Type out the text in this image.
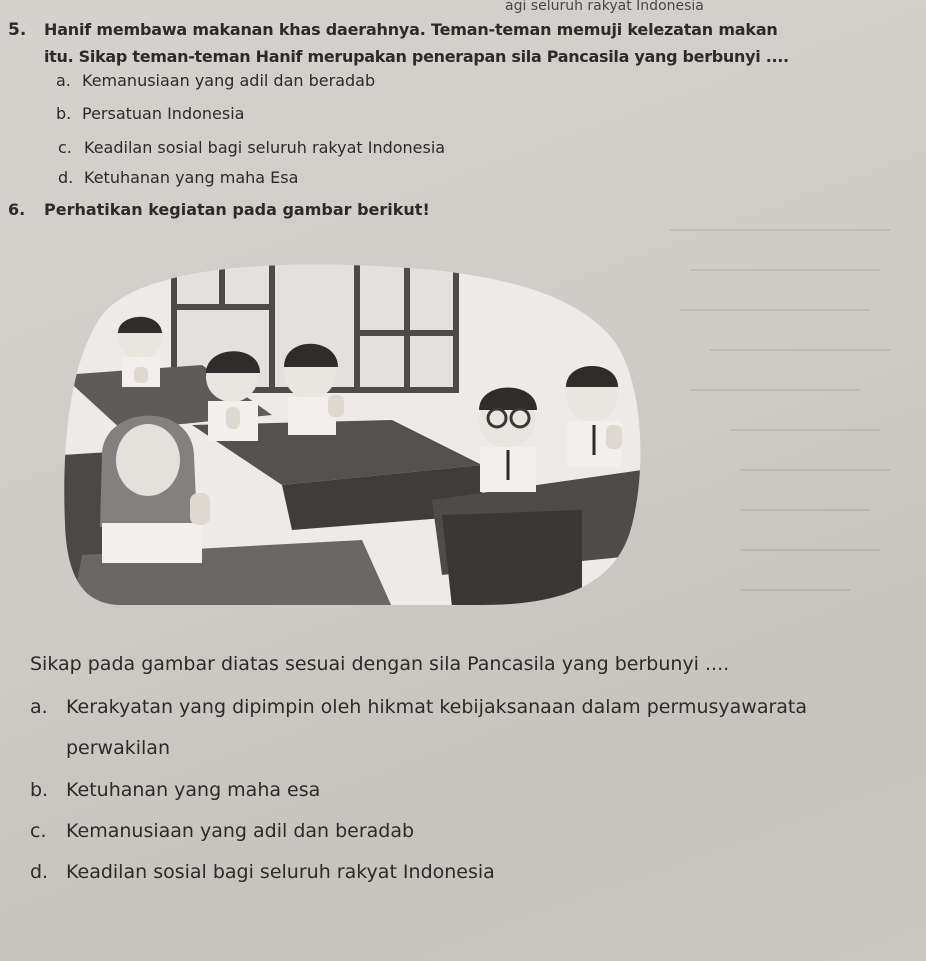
agi seluruh rakyat Indonesia
5. Hanif membawa makanan khas daerahnya. Teman-teman memuji kelezatan makan
itu. Sikap teman-teman Hanif merupakan penerapan sila Pancasila yang berbunyi ....
a. Kemanusiaan yang adil dan beradab
b. Persatuan Indonesia
c. Keadilan sosial bagi seluruh rakyat Indonesia
d. Ketuhanan yang maha Esa
6. Perhatikan kegiatan pada gambar berikut!
Sikap pada gambar diatas sesuai dengan sila Pancasila yang berbunyi ....
a. Kerakyatan yang dipimpin oleh hikmat kebijaksanaan dalam permusyawarata
perwakilan
b. Ketuhanan yang maha esa
c. Kemanusiaan yang adil dan beradab
d. Keadilan sosial bagi seluruh rakyat Indonesia
